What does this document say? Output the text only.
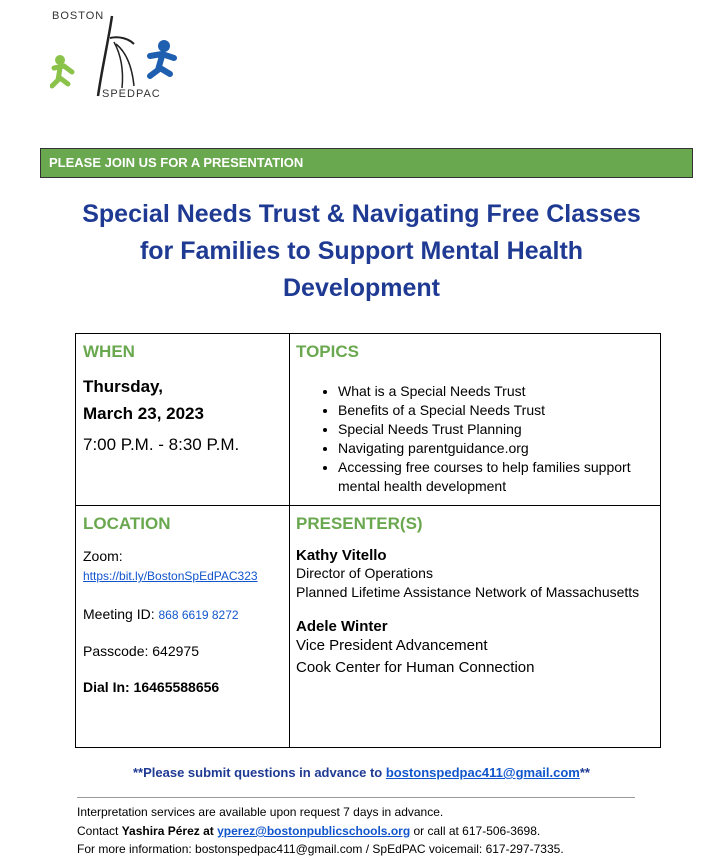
BOSTON
SPEDPAC
PLEASE JOIN US FOR A PRESENTATION
Special Needs Trust & Navigating Free Classes
for Families to Support Mental Health
Development
WHEN
Thursday,
March 23, 2023
7:00 P.M. - 8:30 P.M.
TOPICS
• What is a Special Needs Trust
• Benefits of a Special Needs Trust
• Special Needs Trust Planning
• Navigating parentguidance.org
• Accessing free courses to help families support mental health development
LOCATION
Zoom:
https://bit.ly/BostonSpEdPAC323
Meeting ID: 868 6619 8272
Passcode: 642975
Dial In: 16465588656
PRESENTER(S)
Kathy Vitello
Director of Operations
Planned Lifetime Assistance Network of Massachusetts
Adele Winter
Vice President Advancement
Cook Center for Human Connection
**Please submit questions in advance to bostonspedpac411@gmail.com**
Interpretation services are available upon request 7 days in advance.
Contact Yashira Pérez at yperez@bostonpublicschools.org or call at 617-506-3698.
For more information: bostonspedpac411@gmail.com / SpEdPAC voicemail: 617-297-7335.
